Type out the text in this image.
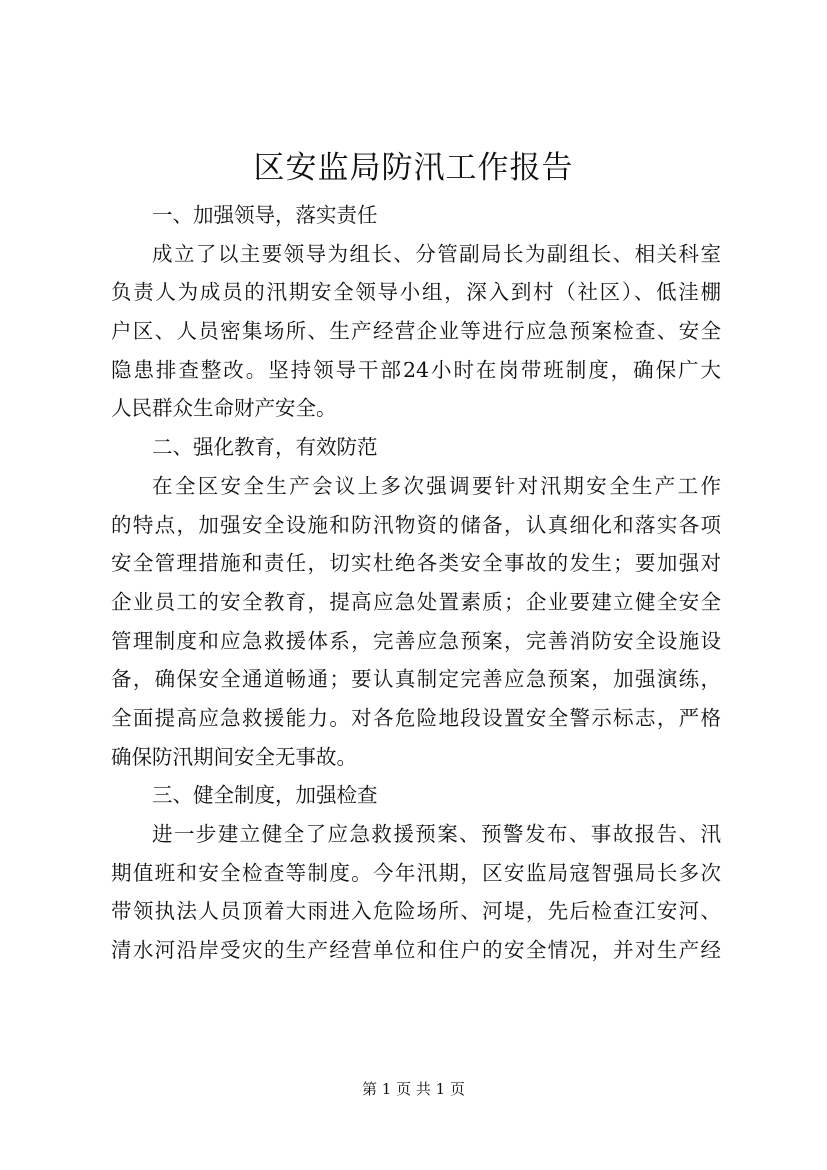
区安监局防汛工作报告
一、加强领导，落实责任
成立了以主要领导为组长、分管副局长为副组长、相关科室
负责人为成员的汛期安全领导小组，深入到村（社区）、低洼棚
户区、人员密集场所、生产经营企业等进行应急预案检查、安全
隐患排查整改。坚持领导干部24小时在岗带班制度，确保广大
人民群众生命财产安全。
二、强化教育，有效防范
在全区安全生产会议上多次强调要针对汛期安全生产工作
的特点，加强安全设施和防汛物资的储备，认真细化和落实各项
安全管理措施和责任，切实杜绝各类安全事故的发生；要加强对
企业员工的安全教育，提高应急处置素质；企业要建立健全安全
管理制度和应急救援体系，完善应急预案，完善消防安全设施设
备，确保安全通道畅通；要认真制定完善应急预案，加强演练，
全面提高应急救援能力。对各危险地段设置安全警示标志，严格
确保防汛期间安全无事故。
三、健全制度，加强检查
进一步建立健全了应急救援预案、预警发布、事故报告、汛
期值班和安全检查等制度。今年汛期，区安监局寇智强局长多次
带领执法人员顶着大雨进入危险场所、河堤，先后检查江安河、
清水河沿岸受灾的生产经营单位和住户的安全情况，并对生产经
第 1 页 共 1 页
